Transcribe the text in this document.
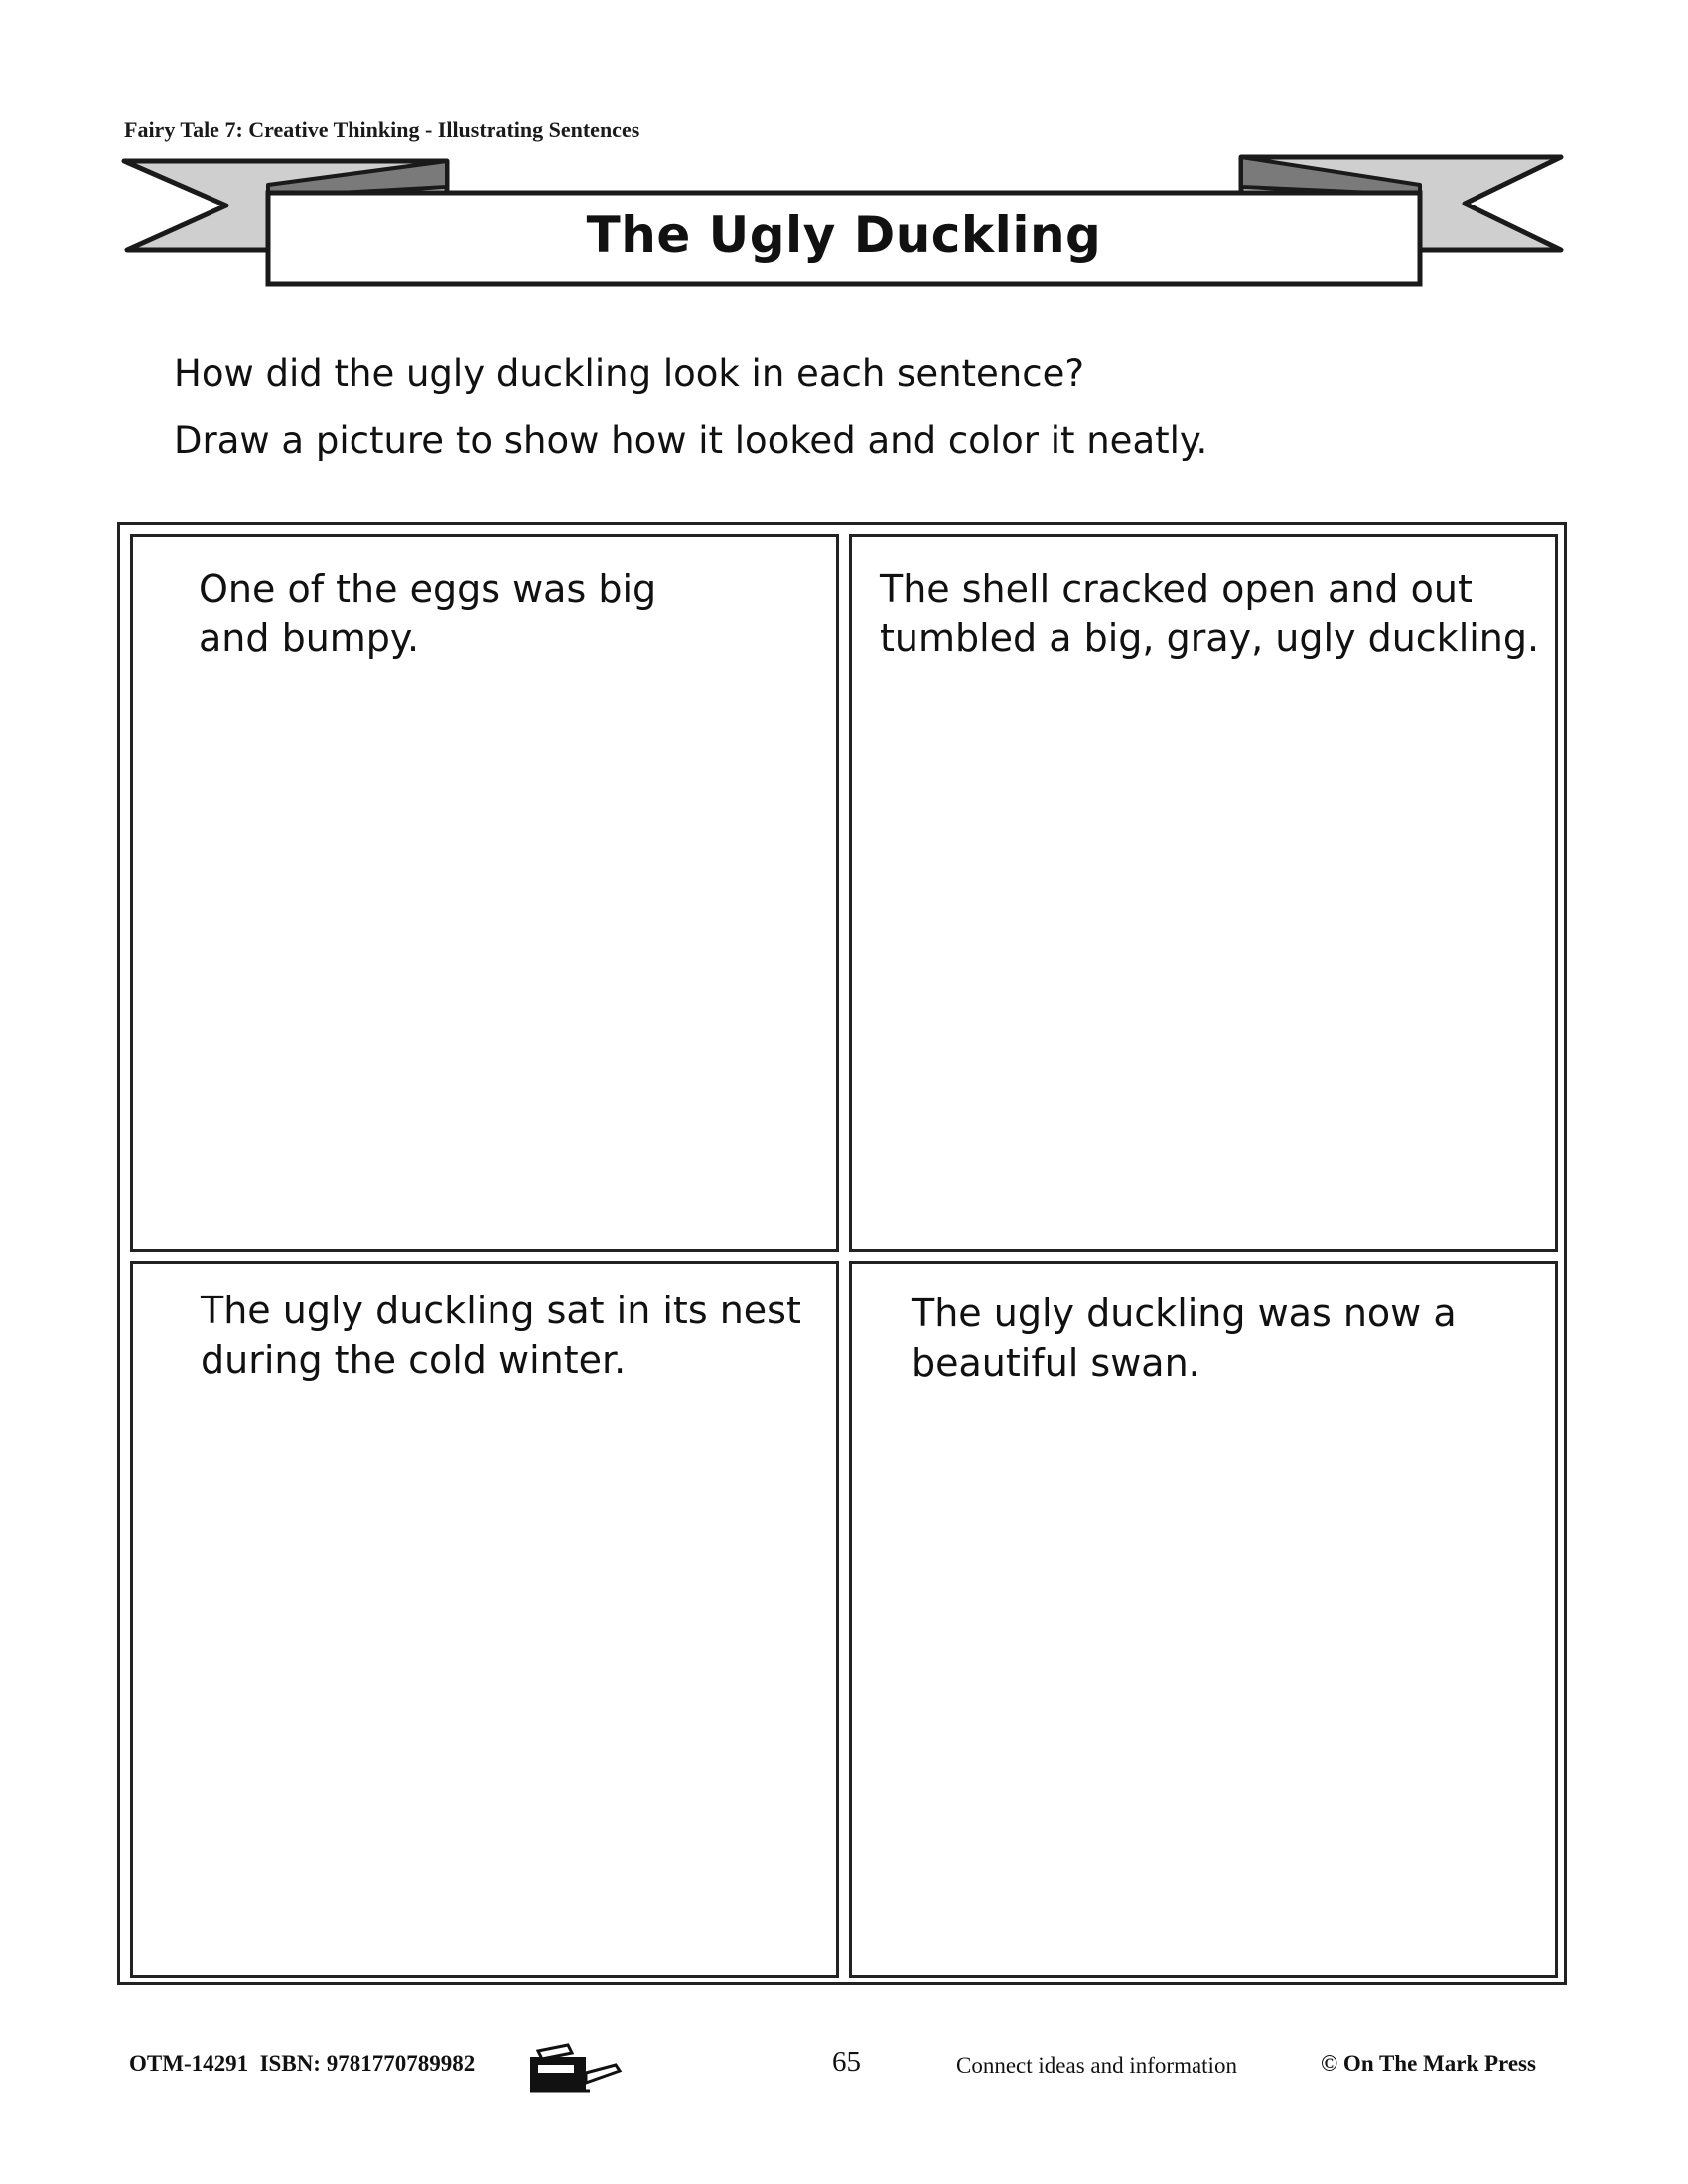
Fairy Tale 7: Creative Thinking - Illustrating Sentences
The Ugly Duckling
How did the ugly duckling look in each sentence?
Draw a picture to show how it looked and color it neatly.

One of the eggs was big
and bumpy.

The shell cracked open and out
tumbled a big, gray, ugly duckling.

The ugly duckling sat in its nest
during the cold winter.

The ugly duckling was now a
beautiful swan.

OTM-14291 ISBN: 9781770789982	65	Connect ideas and information	© On The Mark Press
